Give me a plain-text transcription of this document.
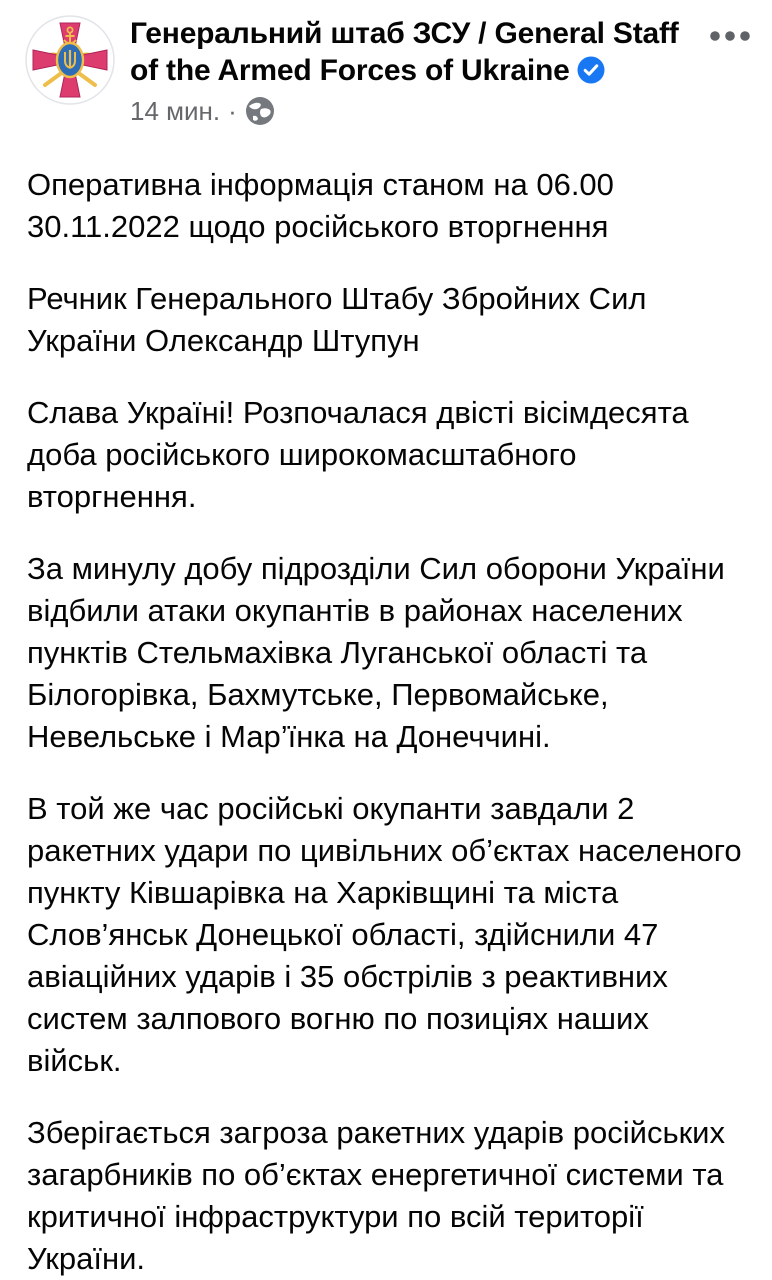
Генеральний штаб ЗСУ / General Staff of the Armed Forces of Ukraine
14 мин. ·

Оперативна інформація станом на 06.00 30.11.2022 щодо російського вторгнення

Речник Генерального Штабу Збройних Сил України Олександр Штупун

Слава Україні! Розпочалася двісті вісімдесята доба російського широкомасштабного вторгнення.

За минулу добу підрозділи Сил оборони України відбили атаки окупантів в районах населених пунктів Стельмахівка Луганської області та Білогорівка, Бахмутське, Первомайське, Невельське і Мар’їнка на Донеччині.

В той же час російські окупанти завдали 2 ракетних удари по цивільних об’єктах населеного пункту Ківшарівка на Харківщині та міста Слов’янськ Донецької області, здійснили 47 авіаційних ударів і 35 обстрілів з реактивних систем залпового вогню по позиціях наших військ.

Зберігається загроза ракетних ударів російських загарбників по об’єктах енергетичної системи та критичної інфраструктури по всій території України.
